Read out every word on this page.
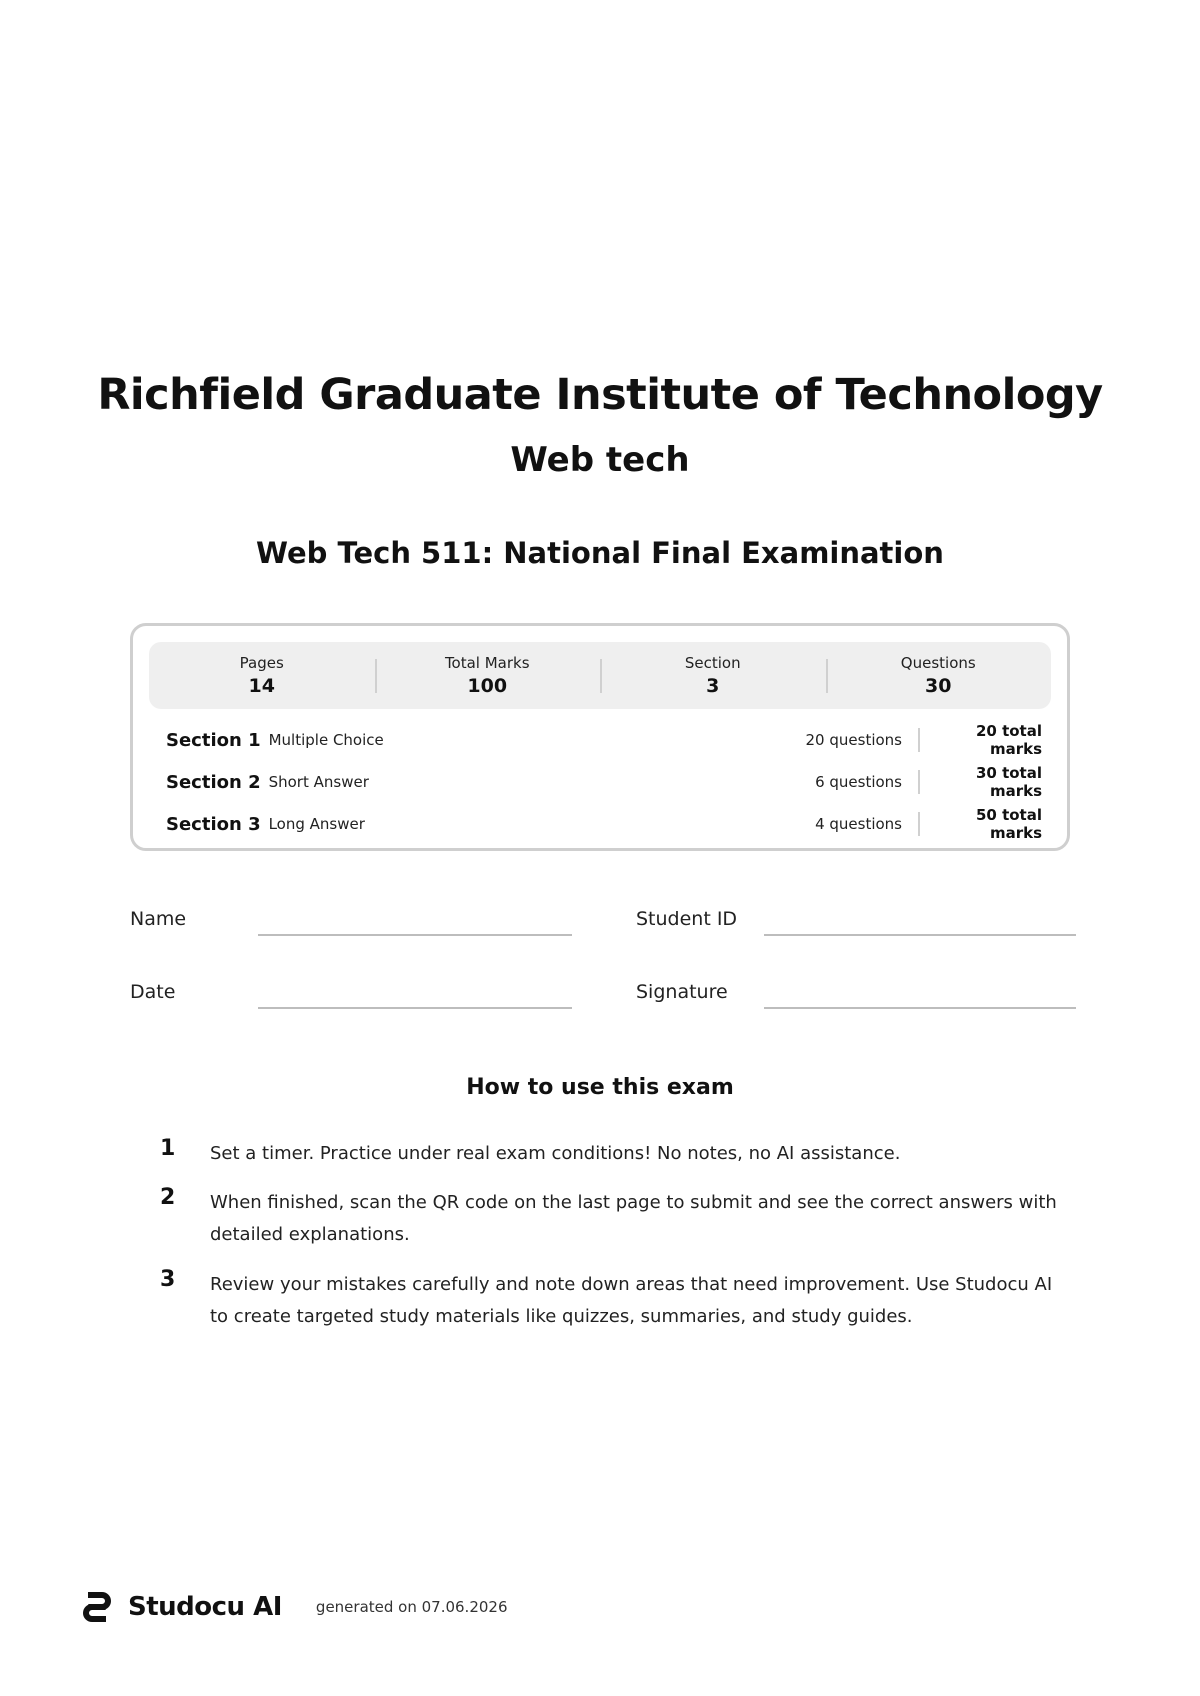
Richfield Graduate Institute of Technology
Web tech
Web Tech 511: National Final Examination
Pages
14
Total Marks
100
Section
3
Questions
30
Section 1 Multiple Choice	20 questions	20 total marks
Section 2 Short Answer	6 questions	30 total marks
Section 3 Long Answer	4 questions	50 total marks
Name	Student ID
Date	Signature
How to use this exam
1 Set a timer. Practice under real exam conditions! No notes, no AI assistance.
2 When finished, scan the QR code on the last page to submit and see the correct answers with detailed explanations.
3 Review your mistakes carefully and note down areas that need improvement. Use Studocu AI to create targeted study materials like quizzes, summaries, and study guides.
Studocu AI generated on 07.06.2026
